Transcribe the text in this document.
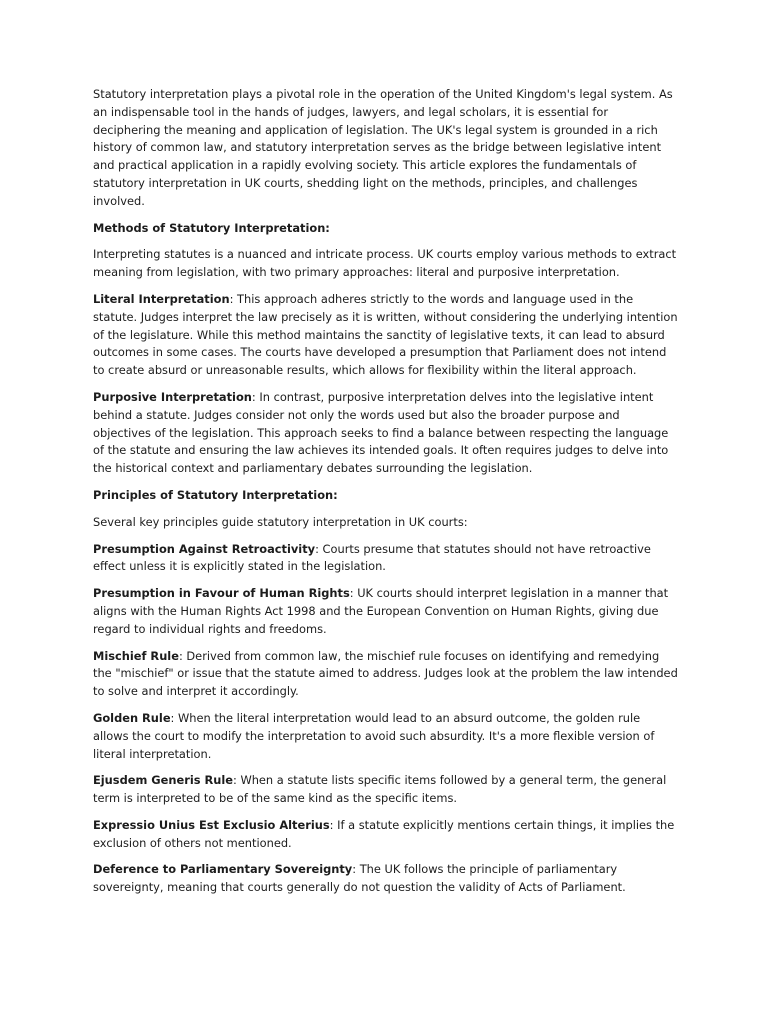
Statutory interpretation plays a pivotal role in the operation of the United Kingdom's legal system. As an indispensable tool in the hands of judges, lawyers, and legal scholars, it is essential for deciphering the meaning and application of legislation. The UK's legal system is grounded in a rich history of common law, and statutory interpretation serves as the bridge between legislative intent and practical application in a rapidly evolving society. This article explores the fundamentals of statutory interpretation in UK courts, shedding light on the methods, principles, and challenges involved.

Methods of Statutory Interpretation:

Interpreting statutes is a nuanced and intricate process. UK courts employ various methods to extract meaning from legislation, with two primary approaches: literal and purposive interpretation.

Literal Interpretation: This approach adheres strictly to the words and language used in the statute. Judges interpret the law precisely as it is written, without considering the underlying intention of the legislature. While this method maintains the sanctity of legislative texts, it can lead to absurd outcomes in some cases. The courts have developed a presumption that Parliament does not intend to create absurd or unreasonable results, which allows for flexibility within the literal approach.

Purposive Interpretation: In contrast, purposive interpretation delves into the legislative intent behind a statute. Judges consider not only the words used but also the broader purpose and objectives of the legislation. This approach seeks to find a balance between respecting the language of the statute and ensuring the law achieves its intended goals. It often requires judges to delve into the historical context and parliamentary debates surrounding the legislation.

Principles of Statutory Interpretation:

Several key principles guide statutory interpretation in UK courts:

Presumption Against Retroactivity: Courts presume that statutes should not have retroactive effect unless it is explicitly stated in the legislation.

Presumption in Favour of Human Rights: UK courts should interpret legislation in a manner that aligns with the Human Rights Act 1998 and the European Convention on Human Rights, giving due regard to individual rights and freedoms.

Mischief Rule: Derived from common law, the mischief rule focuses on identifying and remedying the "mischief" or issue that the statute aimed to address. Judges look at the problem the law intended to solve and interpret it accordingly.

Golden Rule: When the literal interpretation would lead to an absurd outcome, the golden rule allows the court to modify the interpretation to avoid such absurdity. It's a more flexible version of literal interpretation.

Ejusdem Generis Rule: When a statute lists specific items followed by a general term, the general term is interpreted to be of the same kind as the specific items.

Expressio Unius Est Exclusio Alterius: If a statute explicitly mentions certain things, it implies the exclusion of others not mentioned.

Deference to Parliamentary Sovereignty: The UK follows the principle of parliamentary sovereignty, meaning that courts generally do not question the validity of Acts of Parliament.
